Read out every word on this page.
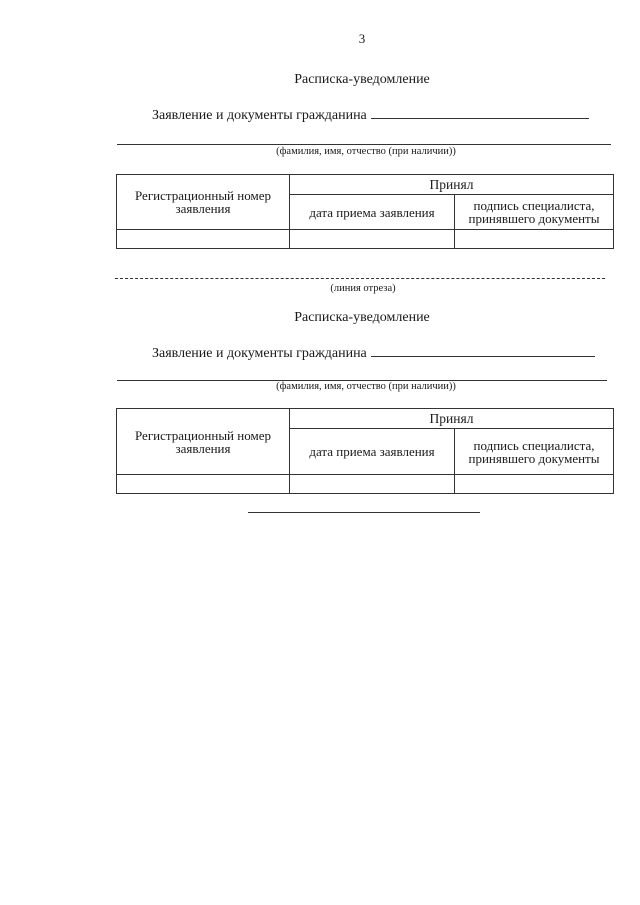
3
Расписка-уведомление
Заявление и документы гражданина
(фамилия, имя, отчество (при наличии))
Регистрационный номер заявления	Принял	
	дата приема заявления	подпись специалиста, принявшего документы

(линия отреза)
Расписка-уведомление
Заявление и документы гражданина
(фамилия, имя, отчество (при наличии))
Регистрационный номер заявления	Принял	
	дата приема заявления	подпись специалиста, принявшего документы
